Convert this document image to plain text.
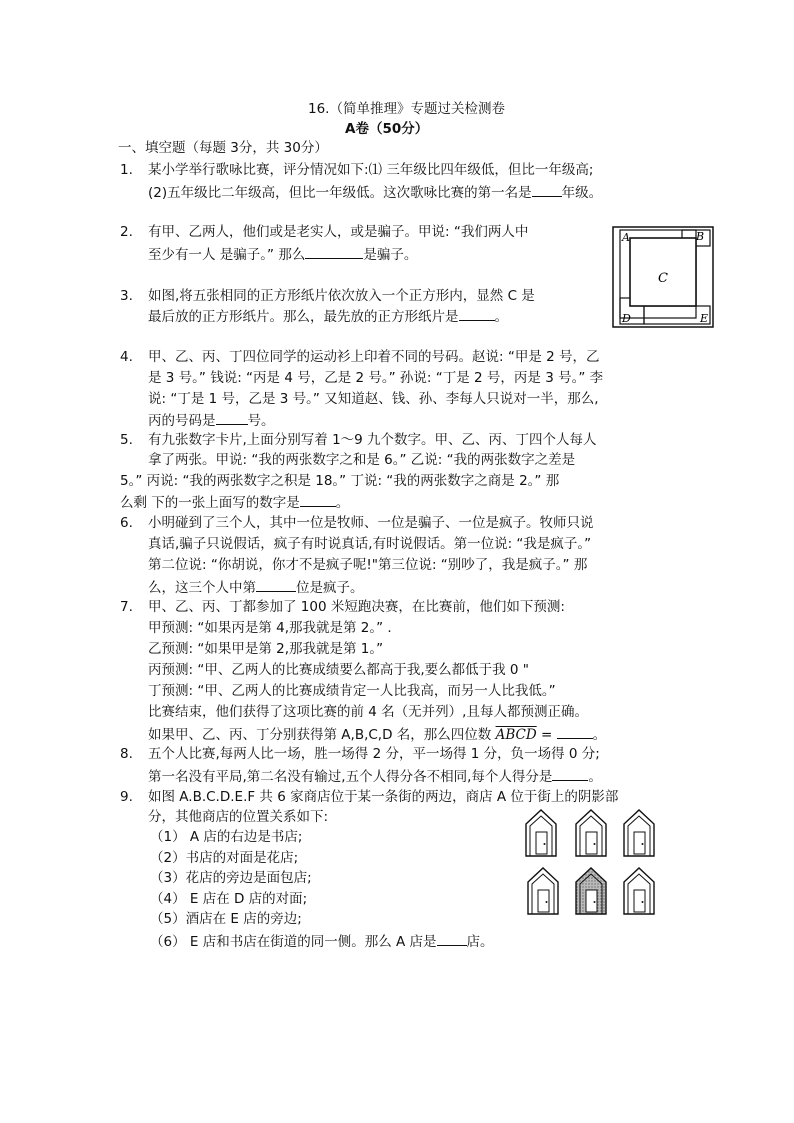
16.（简单推理》专题过关检测卷
A卷（50分）
一、填空题（每题 3分，共 30分）
1. 某小学举行歌咏比赛，评分情况如下:⑴ 三年级比四年级低，但比一年级高;
(2)五年级比二年级高，但比一年级低。这次歌咏比赛的第一名是 年级。
2. 有甲、乙两人，他们或是老实人，或是骗子。甲说: “我们两人中
至少有一人 是骗子。” 那么	是骗子。
3. 如图,将五张相同的正方形纸片依次放入一个正方形内，显然 C 是
最后放的正方形纸片。那么，最先放的正方形纸片是	。
A	B
C
D	E
4. 甲、乙、丙、丁四位同学的运动衫上印着不同的号码。赵说: “甲是 2 号，乙
是 3 号。” 钱说: “丙是 4 号，乙是 2 号。” 孙说: “丁是 2 号，丙是 3 号。” 李
说: “丁是 1 号，乙是 3 号。” 又知道赵、钱、孙、李每人只说对一半，那么,
丙的号码是 号。
5. 有九张数字卡片,上面分别写着 1～9 九个数字。甲、乙、丙、丁四个人每人
拿了两张。甲说: “我的两张数字之和是 6。” 乙说: “我的两张数字之差是
5。” 丙说: “我的两张数字之积是 18。” 丁说: “我的两张数字之商是 2。” 那
么剩 下的一张上面写的数字是	。
6. 小明碰到了三个人，其中一位是牧师、一位是骗子、一位是疯子。牧师只说
真话,骗子只说假话，疯子有时说真话,有时说假话。第一位说: “我是疯子。”
第二位说: “你胡说，你才不是疯子呢!"第三位说: “别吵了，我是疯子。” 那
么，这三个人中第	位是疯子。
7. 甲、乙、丙、丁都参加了 100 米短跑决赛，在比赛前，他们如下预测:
甲预测: “如果丙是第 4,那我就是第 2。” .
乙预测: “如果甲是第 2,那我就是第 1。”
丙预测: “甲、乙两人的比赛成绩要么都高于我,要么都低于我 0 "
丁预测: “甲、乙两人的比赛成绩肯定一人比我高，而另一人比我低。”
比赛结束，他们获得了这项比赛的前 4 名（无并列）,且每人都预测正确。
如果甲、乙、丙、丁分别获得第 A,B,C,D 名，那么四位数 ABCD =	。
8. 五个人比赛,每两人比一场，胜一场得 2 分，平一场得 1 分，负一场得 0 分;
第一名没有平局,第二名没有输过,五个人得分各不相同,每个人得分是	。
9. 如图 A.B.C.D.E.F 共 6 家商店位于某一条街的两边，商店 A 位于街上的阴影部
分，其他商店的位置关系如下:
（1） A 店的右边是书店;
（2）书店的对面是花店;
（3）花店的旁边是面包店;
（4） E 店在 D 店的对面;
（5）酒店在 E 店的旁边;
（6） E 店和书店在街道的同一侧。那么 A 店是 店。
